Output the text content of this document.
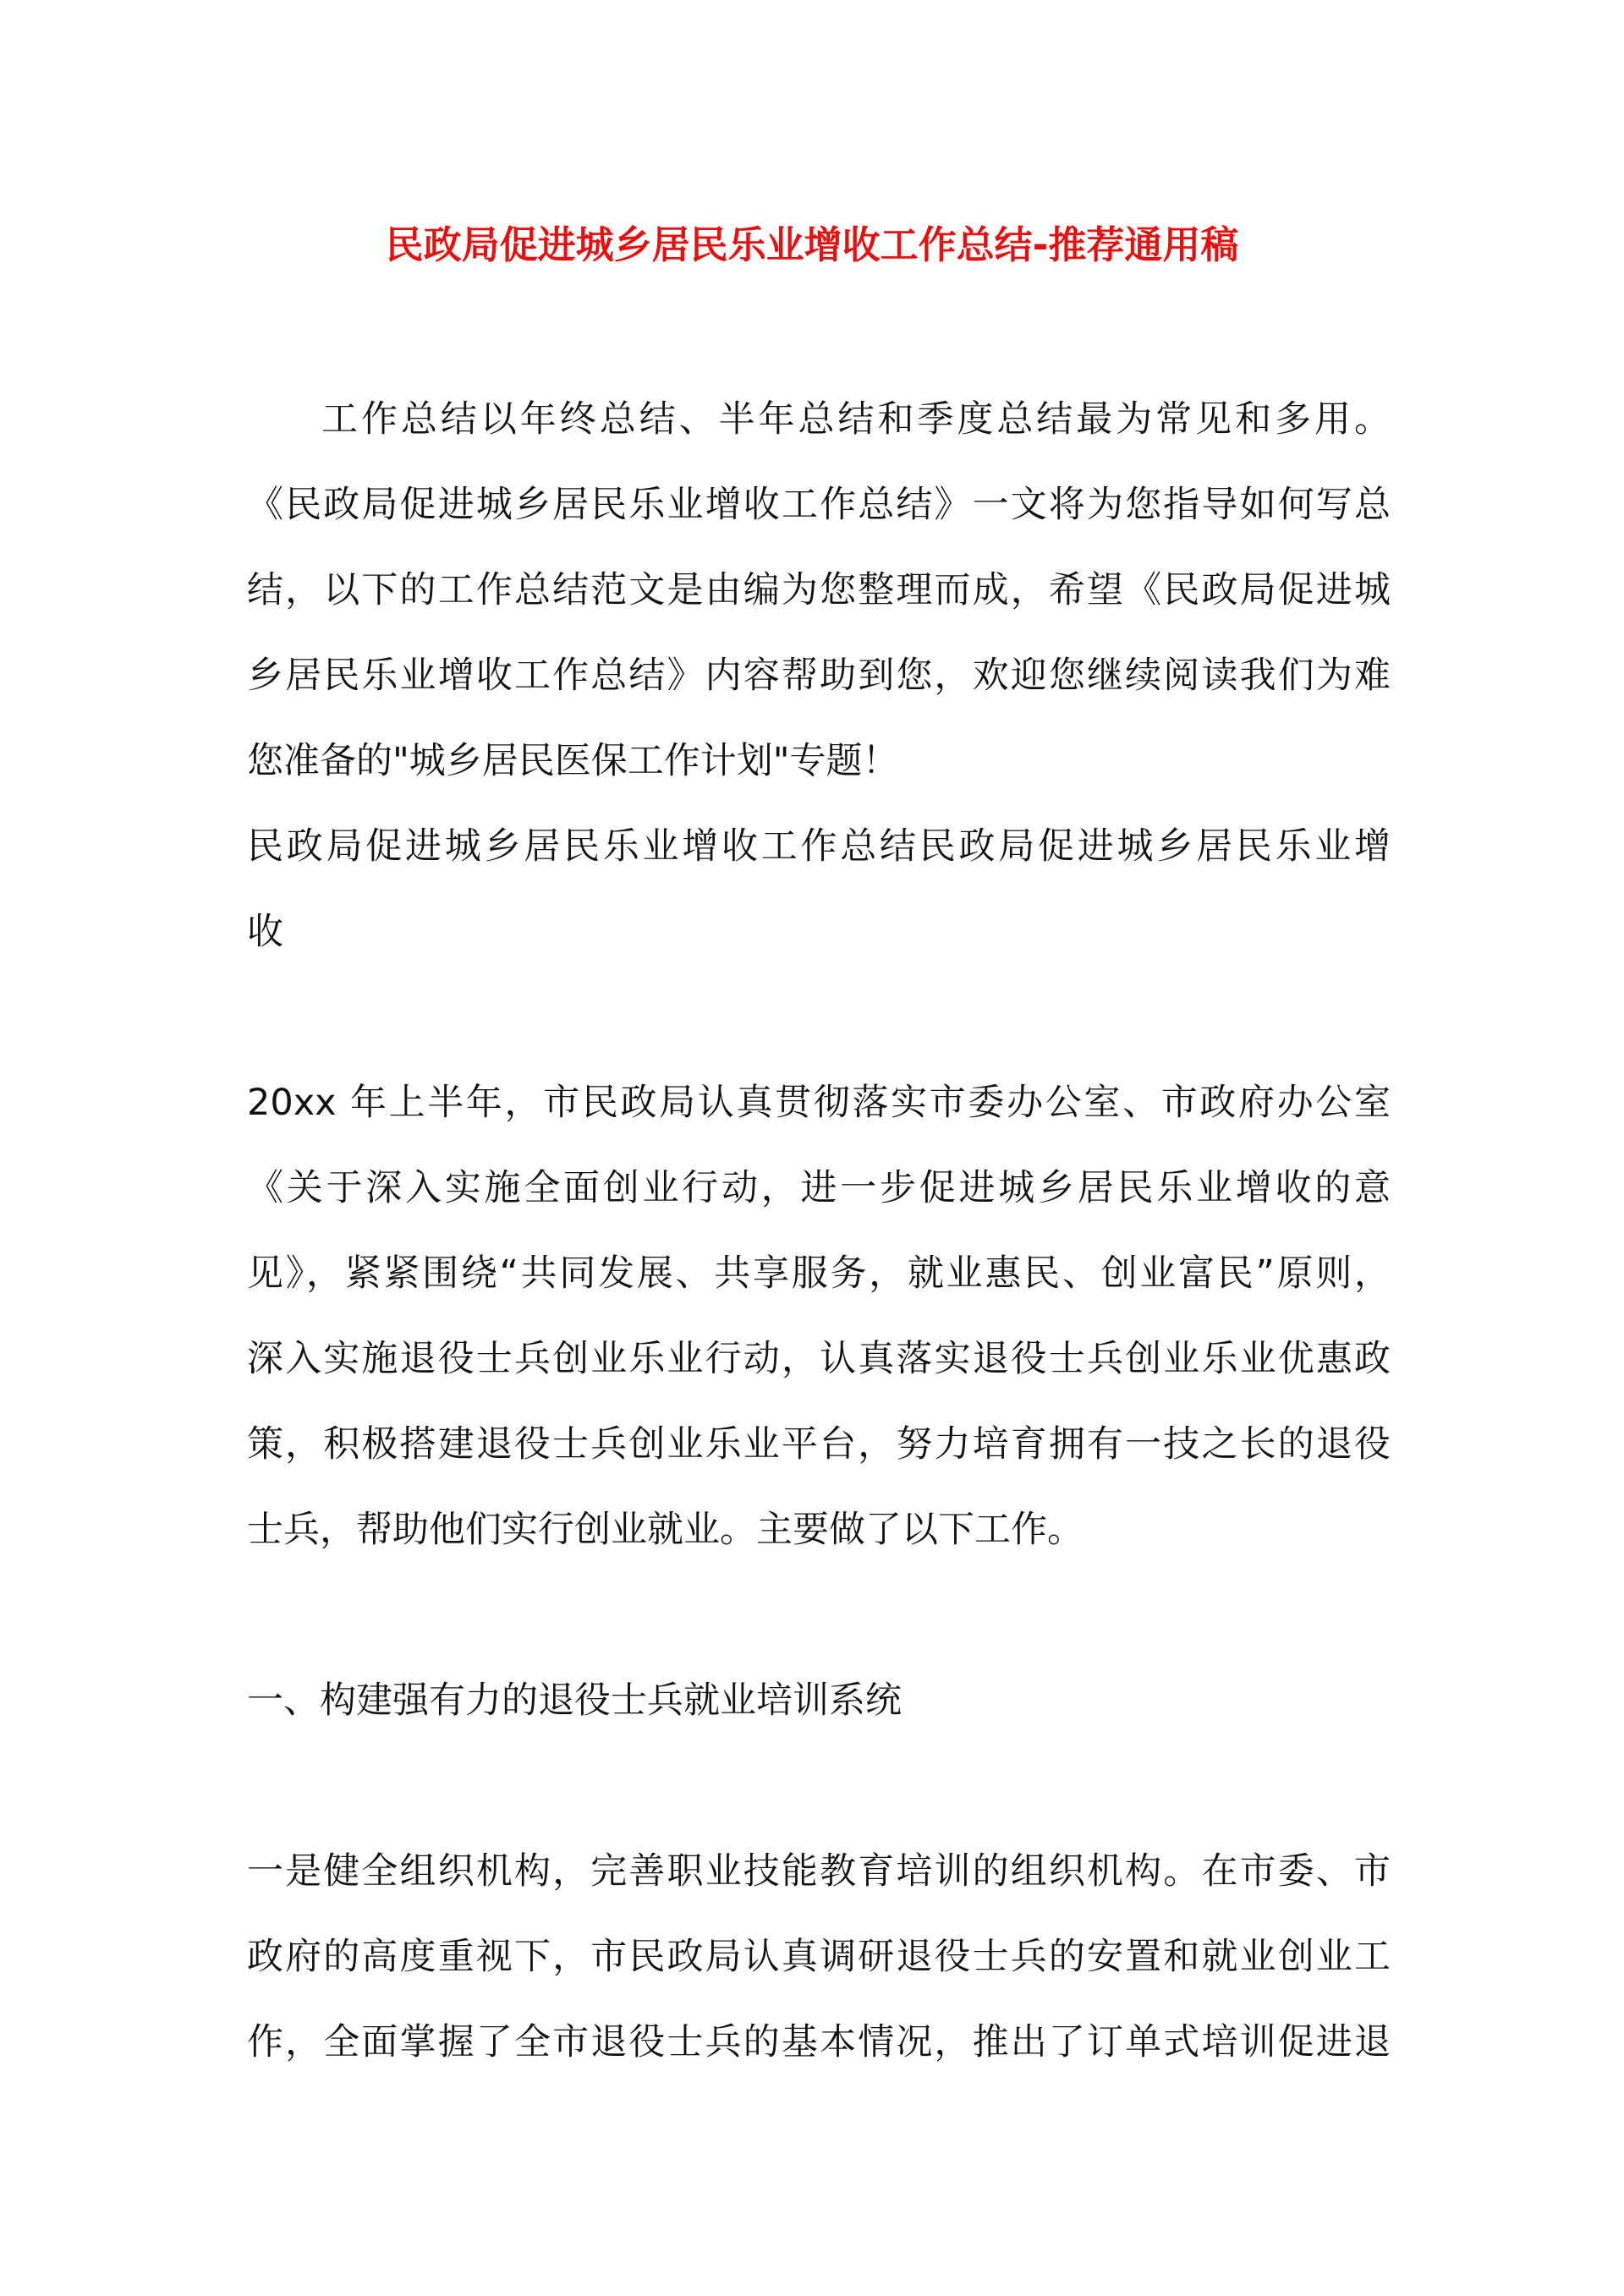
民政局促进城乡居民乐业增收工作总结-推荐通用稿
工作总结以年终总结、半年总结和季度总结最为常见和多用。
《民政局促进城乡居民乐业增收工作总结》一文将为您指导如何写总
结，以下的工作总结范文是由编为您整理而成，希望《民政局促进城
乡居民乐业增收工作总结》内容帮助到您，欢迎您继续阅读我们为难
您准备的"城乡居民医保工作计划"专题！
民政局促进城乡居民乐业增收工作总结民政局促进城乡居民乐业增
收
20xx 年上半年，市民政局认真贯彻落实市委办公室、市政府办公室
《关于深入实施全面创业行动，进一步促进城乡居民乐业增收的意
见》，紧紧围绕“共同发展、共享服务，就业惠民、创业富民”原则，
深入实施退役士兵创业乐业行动，认真落实退役士兵创业乐业优惠政
策，积极搭建退役士兵创业乐业平台，努力培育拥有一技之长的退役
士兵，帮助他们实行创业就业。主要做了以下工作。
一、构建强有力的退役士兵就业培训系统
一是健全组织机构，完善职业技能教育培训的组织机构。在市委、市
政府的高度重视下，市民政局认真调研退役士兵的安置和就业创业工
作，全面掌握了全市退役士兵的基本情况，推出了订单式培训促进退
